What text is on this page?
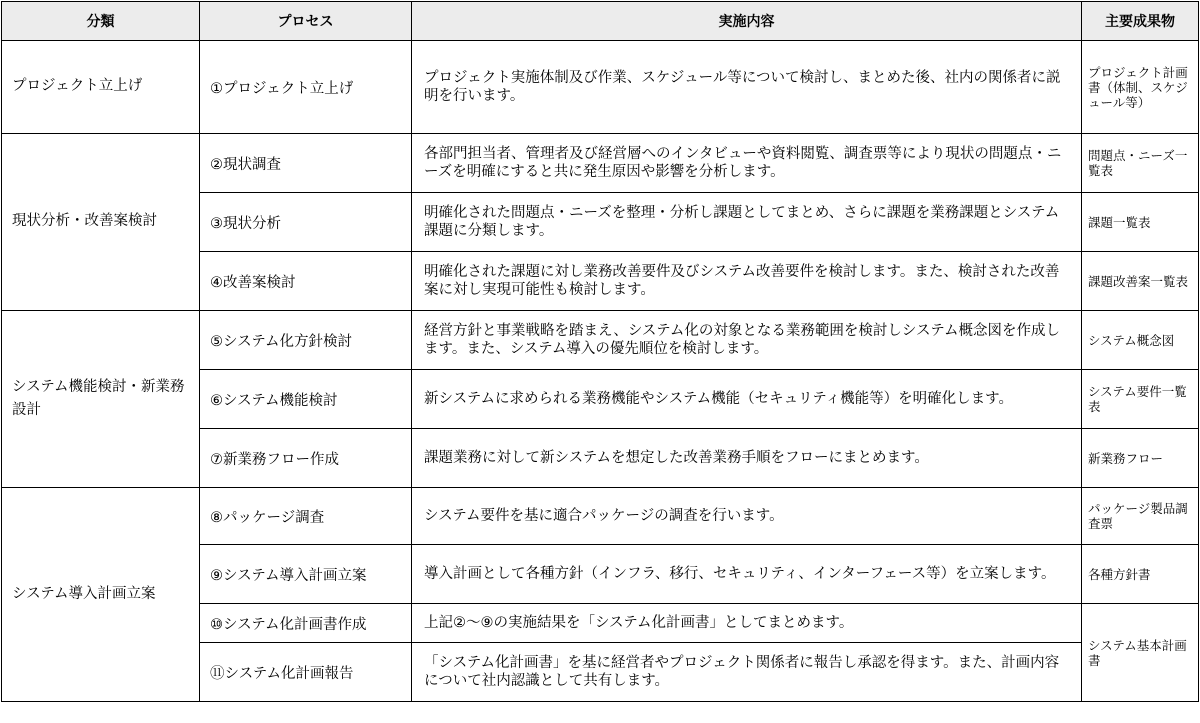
分類	プロセス	実施内容	主要成果物
プロジェクト立上げ	①プロジェクト立上げ	プロジェクト実施体制及び作業、スケジュール等について検討し、まとめた後、社内の関係者に説明を行います。	プロジェクト計画書（体制、スケジュール等）
現状分析・改善案検討	②現状調査	各部門担当者、管理者及び経営層へのインタビューや資料閲覧、調査票等により現状の問題点・ニーズを明確にすると共に発生原因や影響を分析します。	問題点・ニーズ一覧表
	③現状分析	明確化された問題点・ニーズを整理・分析し課題としてまとめ、さらに課題を業務課題とシステム課題に分類します。	課題一覧表
	④改善案検討	明確化された課題に対し業務改善要件及びシステム改善要件を検討します。また、検討された改善案に対し実現可能性も検討します。	課題改善案一覧表
システム機能検討・新業務設計	⑤システム化方針検討	経営方針と事業戦略を踏まえ、システム化の対象となる業務範囲を検討しシステム概念図を作成します。また、システム導入の優先順位を検討します。	システム概念図
	⑥システム機能検討	新システムに求められる業務機能やシステム機能（セキュリティ機能等）を明確化します。	システム要件一覧表
	⑦新業務フロー作成	課題業務に対して新システムを想定した改善業務手順をフローにまとめます。	新業務フロー
システム導入計画立案	⑧パッケージ調査	システム要件を基に適合パッケージの調査を行います。	パッケージ製品調査票
	⑨システム導入計画立案	導入計画として各種方針（インフラ、移行、セキュリティ、インターフェース等）を立案します。	各種方針書
	⑩システム化計画書作成	上記②～⑨の実施結果を「システム化計画書」としてまとめます。	システム基本計画書
	⑪システム化計画報告	「システム化計画書」を基に経営者やプロジェクト関係者に報告し承認を得ます。また、計画内容について社内認識として共有します。	
